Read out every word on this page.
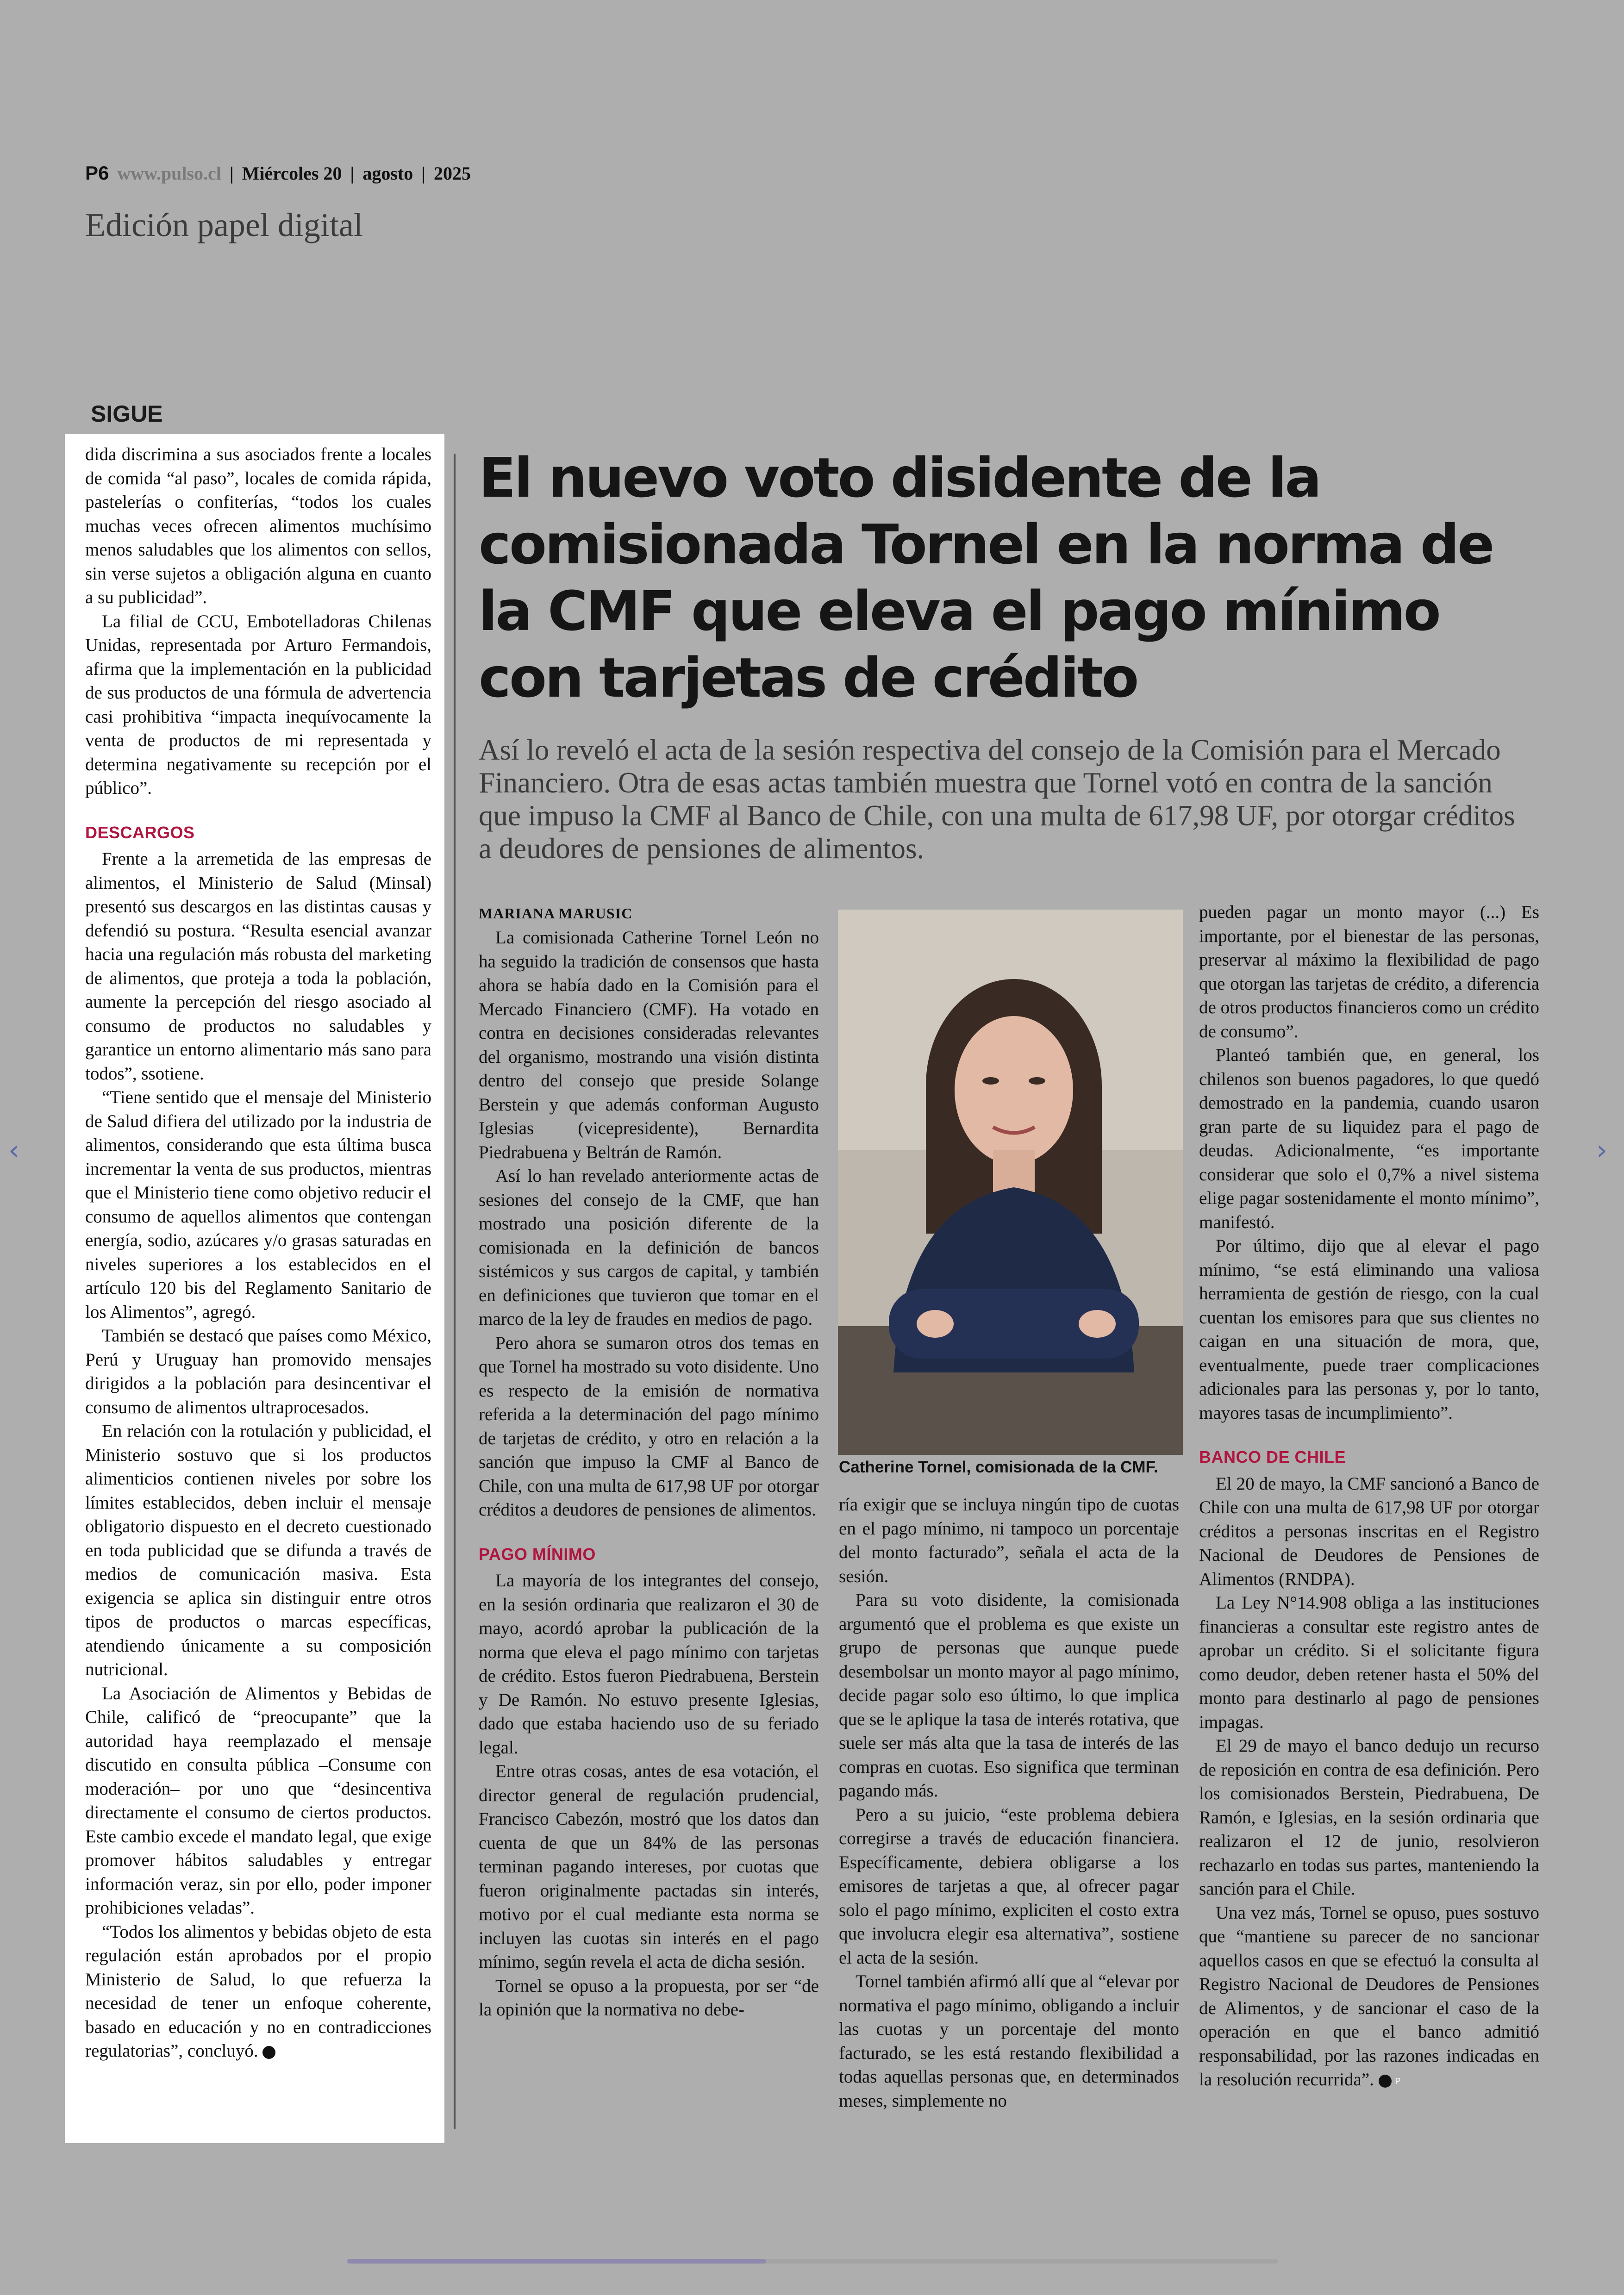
P6 www.pulso.cl | Miércoles 20 | agosto | 2025
Edición papel digital
SIGUE

dida discrimina a sus asociados frente a locales de comida “al paso”, locales de comida rápida, pastelerías o confiterías, “todos los cuales muchas veces ofrecen alimentos muchísimo menos saludables que los alimentos con sellos, sin verse sujetos a obligación alguna en cuanto a su publicidad”.

La filial de CCU, Embotelladoras Chilenas Unidas, representada por Arturo Fermandois, afirma que la implementación en la publicidad de sus productos de una fórmula de advertencia casi prohibitiva “impacta inequívocamente la venta de productos de mi representada y determina negativamente su recepción por el público”.

DESCARGOS

Frente a la arremetida de las empresas de alimentos, el Ministerio de Salud (Minsal) presentó sus descargos en las distintas causas y defendió su postura. “Resulta esencial avanzar hacia una regulación más robusta del marketing de alimentos, que proteja a toda la población, aumente la percepción del riesgo asociado al consumo de productos no saludables y garantice un entorno alimentario más sano para todos”, ssotiene.

“Tiene sentido que el mensaje del Ministerio de Salud difiera del utilizado por la industria de alimentos, considerando que esta última busca incrementar la venta de sus productos, mientras que el Ministerio tiene como objetivo reducir el consumo de aquellos alimentos que contengan energía, sodio, azúcares y/o grasas saturadas en niveles superiores a los establecidos en el artículo 120 bis del Reglamento Sanitario de los Alimentos”, agregó.

También se destacó que países como México, Perú y Uruguay han promovido mensajes dirigidos a la población para desincentivar el consumo de alimentos ultraprocesados.

En relación con la rotulación y publicidad, el Ministerio sostuvo que si los productos alimenticios contienen niveles por sobre los límites establecidos, deben incluir el mensaje obligatorio dispuesto en el decreto cuestionado en toda publicidad que se difunda a través de medios de comunicación masiva. Esta exigencia se aplica sin distinguir entre otros tipos de productos o marcas específicas, atendiendo únicamente a su composición nutricional.

La Asociación de Alimentos y Bebidas de Chile, calificó de “preocupante” que la autoridad haya reemplazado el mensaje discutido en consulta pública –Consume con moderación– por uno que “desincentiva directamente el consumo de ciertos productos. Este cambio excede el mandato legal, que exige promover hábitos saludables y entregar información veraz, sin por ello, poder imponer prohibiciones veladas”.

“Todos los alimentos y bebidas objeto de esta regulación están aprobados por el propio Ministerio de Salud, lo que refuerza la necesidad de tener un enfoque coherente, basado en educación y no en contradicciones regulatorias”, concluyó.	P

El nuevo voto disidente de la comisionada Tornel en la norma de la CMF que eleva el pago mínimo con tarjetas de crédito
Así lo reveló el acta de la sesión respectiva del consejo de la Comisión para el Mercado Financiero. Otra de esas actas también muestra que Tornel votó en contra de la sanción que impuso la CMF al Banco de Chile, con una multa de 617,98 UF, por otorgar créditos a deudores de pensiones de alimentos.
MARIANA MARUSIC

La comisionada Catherine Tornel León no ha seguido la tradición de consensos que hasta ahora se había dado en la Comisión para el Mercado Financiero (CMF). Ha votado en contra en decisiones consideradas relevantes del organismo, mostrando una visión distinta dentro del consejo que preside Solange Berstein y que además conforman Augusto Iglesias (vicepresidente), Bernardita Piedrabuena y Beltrán de Ramón.

Así lo han revelado anteriormente actas de sesiones del consejo de la CMF, que han mostrado una posición diferente de la comisionada en la definición de bancos sistémicos y sus cargos de capital, y también en definiciones que tuvieron que tomar en el marco de la ley de fraudes en medios de pago.

Pero ahora se sumaron otros dos temas en que Tornel ha mostrado su voto disidente. Uno es respecto de la emisión de normativa referida a la determinación del pago mínimo de tarjetas de crédito, y otro en relación a la sanción que impuso la CMF al Banco de Chile, con una multa de 617,98 UF por otorgar créditos a deudores de pensiones de alimentos.

PAGO MÍNIMO

La mayoría de los integrantes del consejo, en la sesión ordinaria que realizaron el 30 de mayo, acordó aprobar la publicación de la norma que eleva el pago mínimo con tarjetas de crédito. Estos fueron Piedrabuena, Berstein y De Ramón. No estuvo presente Iglesias, dado que estaba haciendo uso de su feriado legal.

Entre otras cosas, antes de esa votación, el director general de regulación prudencial, Francisco Cabezón, mostró que los datos dan cuenta de que un 84% de las personas terminan pagando intereses, por cuotas que fueron originalmente pactadas sin interés, motivo por el cual mediante esta norma se incluyen las cuotas sin interés en el pago mínimo, según revela el acta de dicha sesión.

Tornel se opuso a la propuesta, por ser “de la opinión que la normativa no debe-

Catherine Tornel, comisionada de la CMF.

ría exigir que se incluya ningún tipo de cuotas en el pago mínimo, ni tampoco un porcentaje del monto facturado”, señala el acta de la sesión.

Para su voto disidente, la comisionada argumentó que el problema es que existe un grupo de personas que aunque puede desembolsar un monto mayor al pago mínimo, decide pagar solo eso último, lo que implica que se le aplique la tasa de interés rotativa, que suele ser más alta que la tasa de interés de las compras en cuotas. Eso significa que terminan pagando más.

Pero a su juicio, “este problema debiera corregirse a través de educación financiera. Específicamente, debiera obligarse a los emisores de tarjetas a que, al ofrecer pagar solo el pago mínimo, expliciten el costo extra que involucra elegir esa alternativa”, sostiene el acta de la sesión.

Tornel también afirmó allí que al “elevar por normativa el pago mínimo, obligando a incluir las cuotas y un porcentaje del monto facturado, se les está restando flexibilidad a todas aquellas personas que, en determinados meses, simplemente no

pueden pagar un monto mayor (...) Es importante, por el bienestar de las personas, preservar al máximo la flexibilidad de pago que otorgan las tarjetas de crédito, a diferencia de otros productos financieros como un crédito de consumo”.

Planteó también que, en general, los chilenos son buenos pagadores, lo que quedó demostrado en la pandemia, cuando usaron gran parte de su liquidez para el pago de deudas. Adicionalmente, “es importante considerar que solo el 0,7% a nivel sistema elige pagar sostenidamente el monto mínimo”, manifestó.

Por último, dijo que al elevar el pago mínimo, “se está eliminando una valiosa herramienta de gestión de riesgo, con la cual cuentan los emisores para que sus clientes no caigan en una situación de mora, que, eventualmente, puede traer complicaciones adicionales para las personas y, por lo tanto, mayores tasas de incumplimiento”.

BANCO DE CHILE

El 20 de mayo, la CMF sancionó a Banco de Chile con una multa de 617,98 UF por otorgar créditos a personas inscritas en el Registro Nacional de Deudores de Pensiones de Alimentos (RNDPA).

La Ley N°14.908 obliga a las instituciones financieras a consultar este registro antes de aprobar un crédito. Si el solicitante figura como deudor, deben retener hasta el 50% del monto para destinarlo al pago de pensiones impagas.

El 29 de mayo el banco dedujo un recurso de reposición en contra de esa definición. Pero los comisionados Berstein, Piedrabuena, De Ramón, e Iglesias, en la sesión ordinaria que realizaron el 12 de junio, resolvieron rechazarlo en todas sus partes, manteniendo la sanción para el Chile.

Una vez más, Tornel se opuso, pues sostuvo que “mantiene su parecer de no sancionar aquellos casos en que se efectuó la consulta al Registro Nacional de Deudores de Pensiones de Alimentos, y de sancionar el caso de la operación en que el banco admitió responsabilidad, por las razones indicadas en la resolución recurrida”.	P

‹	›
